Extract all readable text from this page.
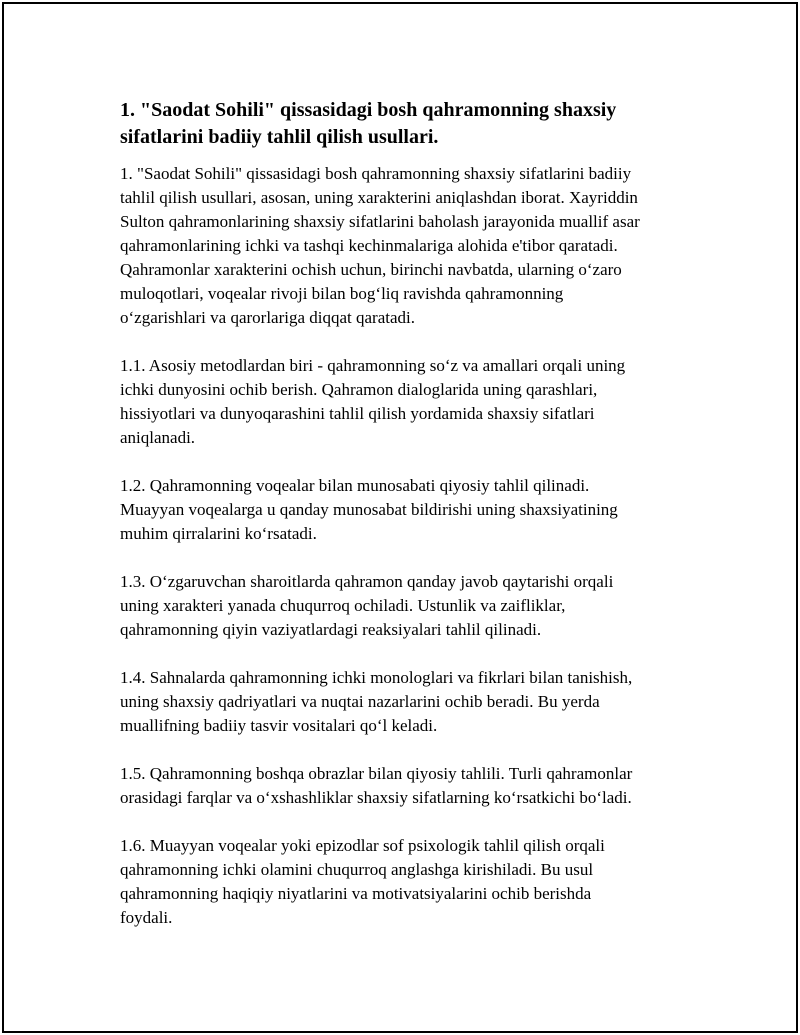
1. "Saodat Sohili" qissasidagi bosh qahramonning shaxsiy
sifatlarini badiiy tahlil qilish usullari.

1. "Saodat Sohili" qissasidagi bosh qahramonning shaxsiy sifatlarini badiiy
tahlil qilish usullari, asosan, uning xarakterini aniqlashdan iborat. Xayriddin
Sulton qahramonlarining shaxsiy sifatlarini baholash jarayonida muallif asar
qahramonlarining ichki va tashqi kechinmalariga alohida e'tibor qaratadi.
Qahramonlar xarakterini ochish uchun, birinchi navbatda, ularning o‘zaro
muloqotlari, voqealar rivoji bilan bog‘liq ravishda qahramonning
o‘zgarishlari va qarorlariga diqqat qaratadi.

1.1. Asosiy metodlardan biri - qahramonning so‘z va amallari orqali uning
ichki dunyosini ochib berish. Qahramon dialoglarida uning qarashlari,
hissiyotlari va dunyoqarashini tahlil qilish yordamida shaxsiy sifatlari
aniqlanadi.

1.2. Qahramonning voqealar bilan munosabati qiyosiy tahlil qilinadi.
Muayyan voqealarga u qanday munosabat bildirishi uning shaxsiyatining
muhim qirralarini ko‘rsatadi.

1.3. O‘zgaruvchan sharoitlarda qahramon qanday javob qaytarishi orqali
uning xarakteri yanada chuqurroq ochiladi. Ustunlik va zaifliklar,
qahramonning qiyin vaziyatlardagi reaksiyalari tahlil qilinadi.

1.4. Sahnalarda qahramonning ichki monologlari va fikrlari bilan tanishish,
uning shaxsiy qadriyatlari va nuqtai nazarlarini ochib beradi. Bu yerda
muallifning badiiy tasvir vositalari qo‘l keladi.

1.5. Qahramonning boshqa obrazlar bilan qiyosiy tahlili. Turli qahramonlar
orasidagi farqlar va o‘xshashliklar shaxsiy sifatlarning ko‘rsatkichi bo‘ladi.

1.6. Muayyan voqealar yoki epizodlar sof psixologik tahlil qilish orqali
qahramonning ichki olamini chuqurroq anglashga kirishiladi. Bu usul
qahramonning haqiqiy niyatlarini va motivatsiyalarini ochib berishda
foydali.
